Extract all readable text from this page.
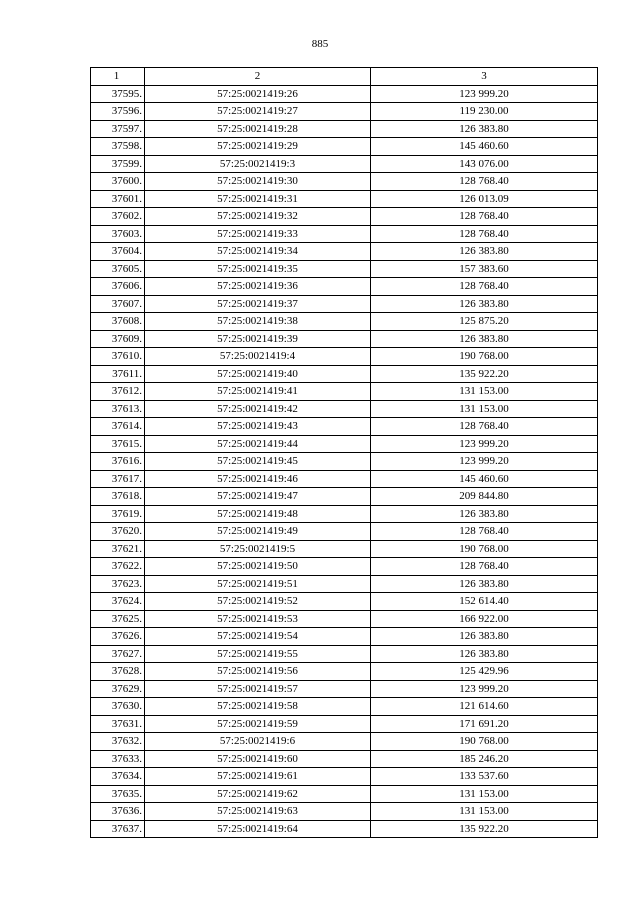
885
1	2	3
37595.	57:25:0021419:26	123 999.20
37596.	57:25:0021419:27	119 230.00
37597.	57:25:0021419:28	126 383.80
37598.	57:25:0021419:29	145 460.60
37599.	57:25:0021419:3	143 076.00
37600.	57:25:0021419:30	128 768.40
37601.	57:25:0021419:31	126 013.09
37602.	57:25:0021419:32	128 768.40
37603.	57:25:0021419:33	128 768.40
37604.	57:25:0021419:34	126 383.80
37605.	57:25:0021419:35	157 383.60
37606.	57:25:0021419:36	128 768.40
37607.	57:25:0021419:37	126 383.80
37608.	57:25:0021419:38	125 875.20
37609.	57:25:0021419:39	126 383.80
37610.	57:25:0021419:4	190 768.00
37611.	57:25:0021419:40	135 922.20
37612.	57:25:0021419:41	131 153.00
37613.	57:25:0021419:42	131 153.00
37614.	57:25:0021419:43	128 768.40
37615.	57:25:0021419:44	123 999.20
37616.	57:25:0021419:45	123 999.20
37617.	57:25:0021419:46	145 460.60
37618.	57:25:0021419:47	209 844.80
37619.	57:25:0021419:48	126 383.80
37620.	57:25:0021419:49	128 768.40
37621.	57:25:0021419:5	190 768.00
37622.	57:25:0021419:50	128 768.40
37623.	57:25:0021419:51	126 383.80
37624.	57:25:0021419:52	152 614.40
37625.	57:25:0021419:53	166 922.00
37626.	57:25:0021419:54	126 383.80
37627.	57:25:0021419:55	126 383.80
37628.	57:25:0021419:56	125 429.96
37629.	57:25:0021419:57	123 999.20
37630.	57:25:0021419:58	121 614.60
37631.	57:25:0021419:59	171 691.20
37632.	57:25:0021419:6	190 768.00
37633.	57:25:0021419:60	185 246.20
37634.	57:25:0021419:61	133 537.60
37635.	57:25:0021419:62	131 153.00
37636.	57:25:0021419:63	131 153.00
37637.	57:25:0021419:64	135 922.20
